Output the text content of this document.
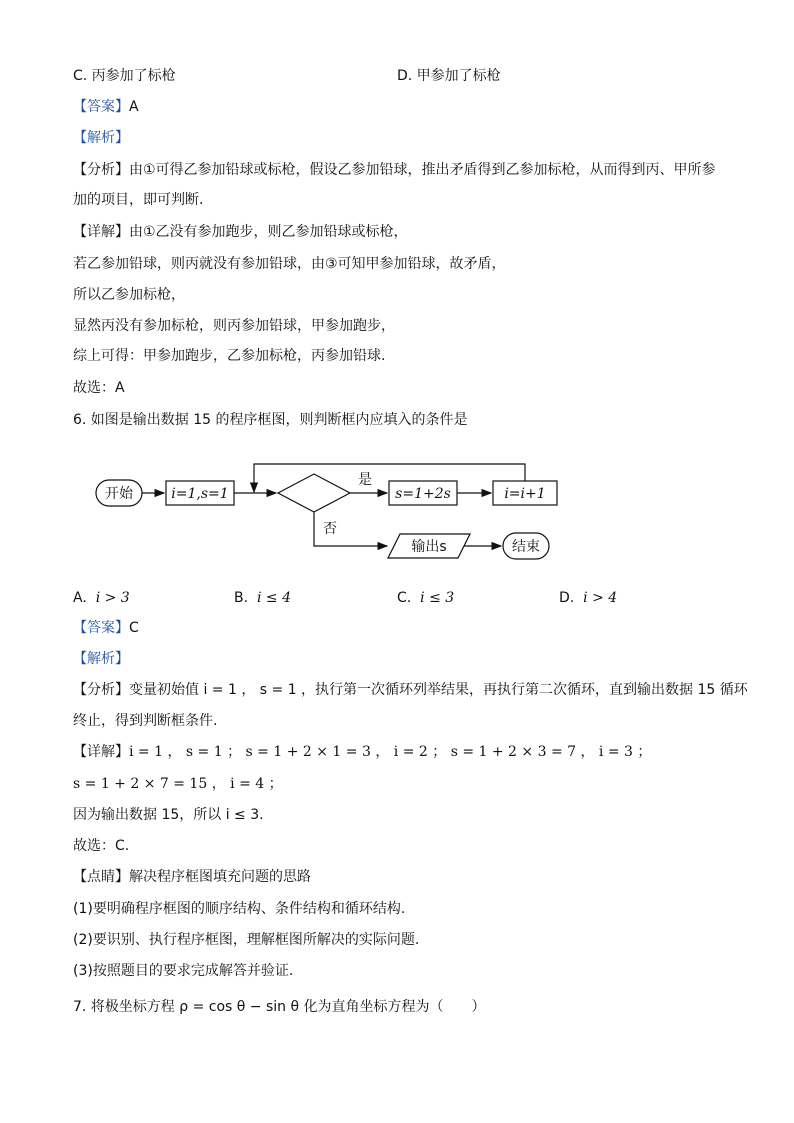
C. 丙参加了标枪	D. 甲参加了标枪
【答案】A
【解析】
【分析】由①可得乙参加铅球或标枪，假设乙参加铅球，推出矛盾得到乙参加标枪，从而得到丙、甲所参
加的项目，即可判断.
【详解】由①乙没有参加跑步，则乙参加铅球或标枪，
若乙参加铅球，则丙就没有参加铅球，由③可知甲参加铅球，故矛盾，
所以乙参加标枪，
显然丙没有参加标枪，则丙参加铅球，甲参加跑步，
综上可得：甲参加跑步，乙参加标枪，丙参加铅球.
故选：A
6. 如图是输出数据 15 的程序框图，则判断框内应填入的条件是
开始	i=1,s=1
是
s=1+2s	i=i+1
否
输出s	结束
A. i > 3	B. i ≤ 4	C. i ≤ 3	D. i > 4
【答案】C
【解析】
【分析】变量初始值 i = 1 ， s = 1 ，执行第一次循环列举结果，再执行第二次循环，直到输出数据 15 循环
终止，得到判断框条件.
【详解】i = 1 ， s = 1 ； s = 1 + 2 × 1 = 3 ， i = 2 ； s = 1 + 2 × 3 = 7 ， i = 3 ；
s = 1 + 2 × 7 = 15 ， i = 4 ；
因为输出数据 15，所以 i ≤ 3.
故选：C.
【点睛】解决程序框图填充问题的思路
(1)要明确程序框图的顺序结构、条件结构和循环结构.
(2)要识别、执行程序框图，理解框图所解决的实际问题.
(3)按照题目的要求完成解答并验证.
7. 将极坐标方程 ρ = cos θ − sin θ 化为直角坐标方程为（　　）
